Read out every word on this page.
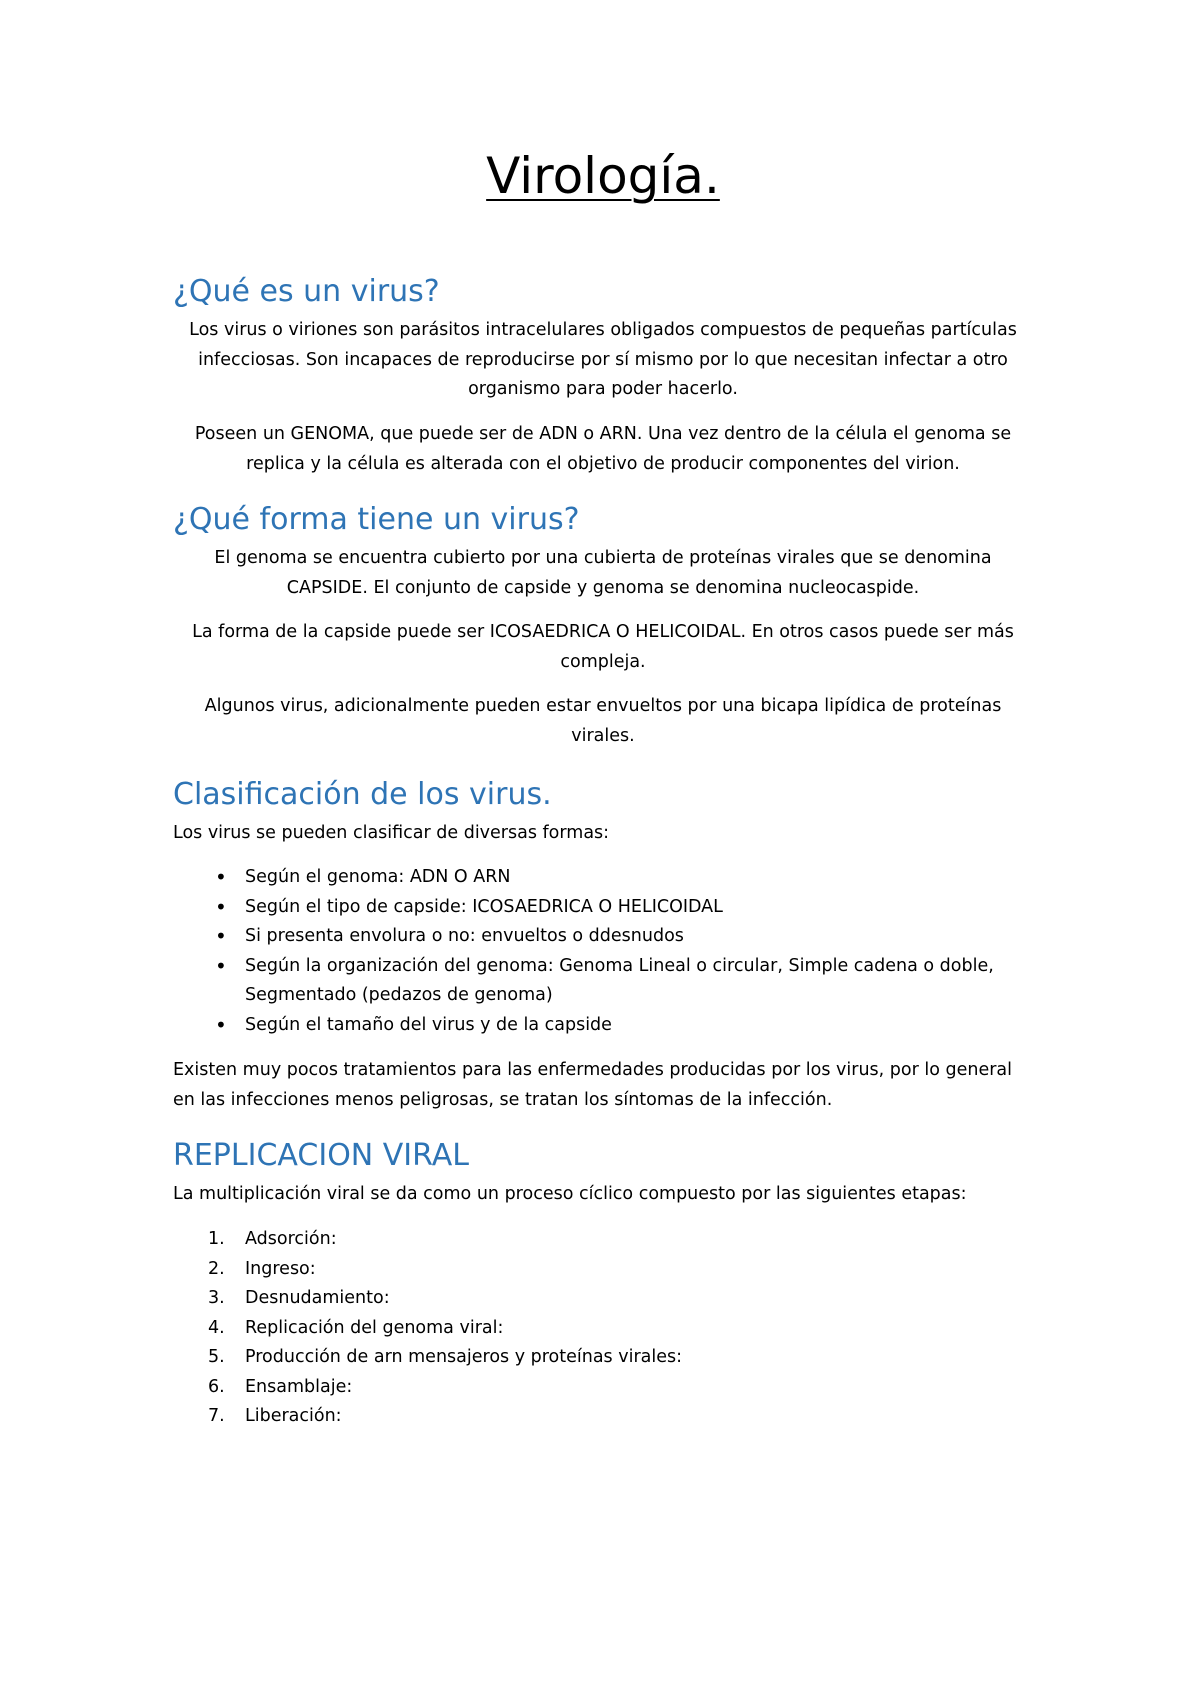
Virología.
¿Qué es un virus?

Los virus o viriones son parásitos intracelulares obligados compuestos de pequeñas partículas infecciosas. Son incapaces de reproducirse por sí mismo por lo que necesitan infectar a otro organismo para poder hacerlo.

Poseen un GENOMA, que puede ser de ADN o ARN. Una vez dentro de la célula el genoma se replica y la célula es alterada con el objetivo de producir componentes del virion.

¿Qué forma tiene un virus?

El genoma se encuentra cubierto por una cubierta de proteínas virales que se denomina CAPSIDE. El conjunto de capside y genoma se denomina nucleocaspide.

La forma de la capside puede ser ICOSAEDRICA O HELICOIDAL. En otros casos puede ser más compleja.

Algunos virus, adicionalmente pueden estar envueltos por una bicapa lipídica de proteínas virales.

Clasificación de los virus.

Los virus se pueden clasificar de diversas formas:

• Según el genoma: ADN O ARN
• Según el tipo de capside: ICOSAEDRICA O HELICOIDAL
• Si presenta envolura o no: envueltos o ddesnudos
• Según la organización del genoma: Genoma Lineal o circular, Simple cadena o doble, Segmentado (pedazos de genoma)
• Según el tamaño del virus y de la capside

Existen muy pocos tratamientos para las enfermedades producidas por los virus, por lo general en las infecciones menos peligrosas, se tratan los síntomas de la infección.

REPLICACION VIRAL

La multiplicación viral se da como un proceso cíclico compuesto por las siguientes etapas:

1.	Adsorción:
2.	Ingreso:
3.	Desnudamiento:
4.	Replicación del genoma viral:
5.	Producción de arn mensajeros y proteínas virales:
6.	Ensamblaje:
7.	Liberación:
